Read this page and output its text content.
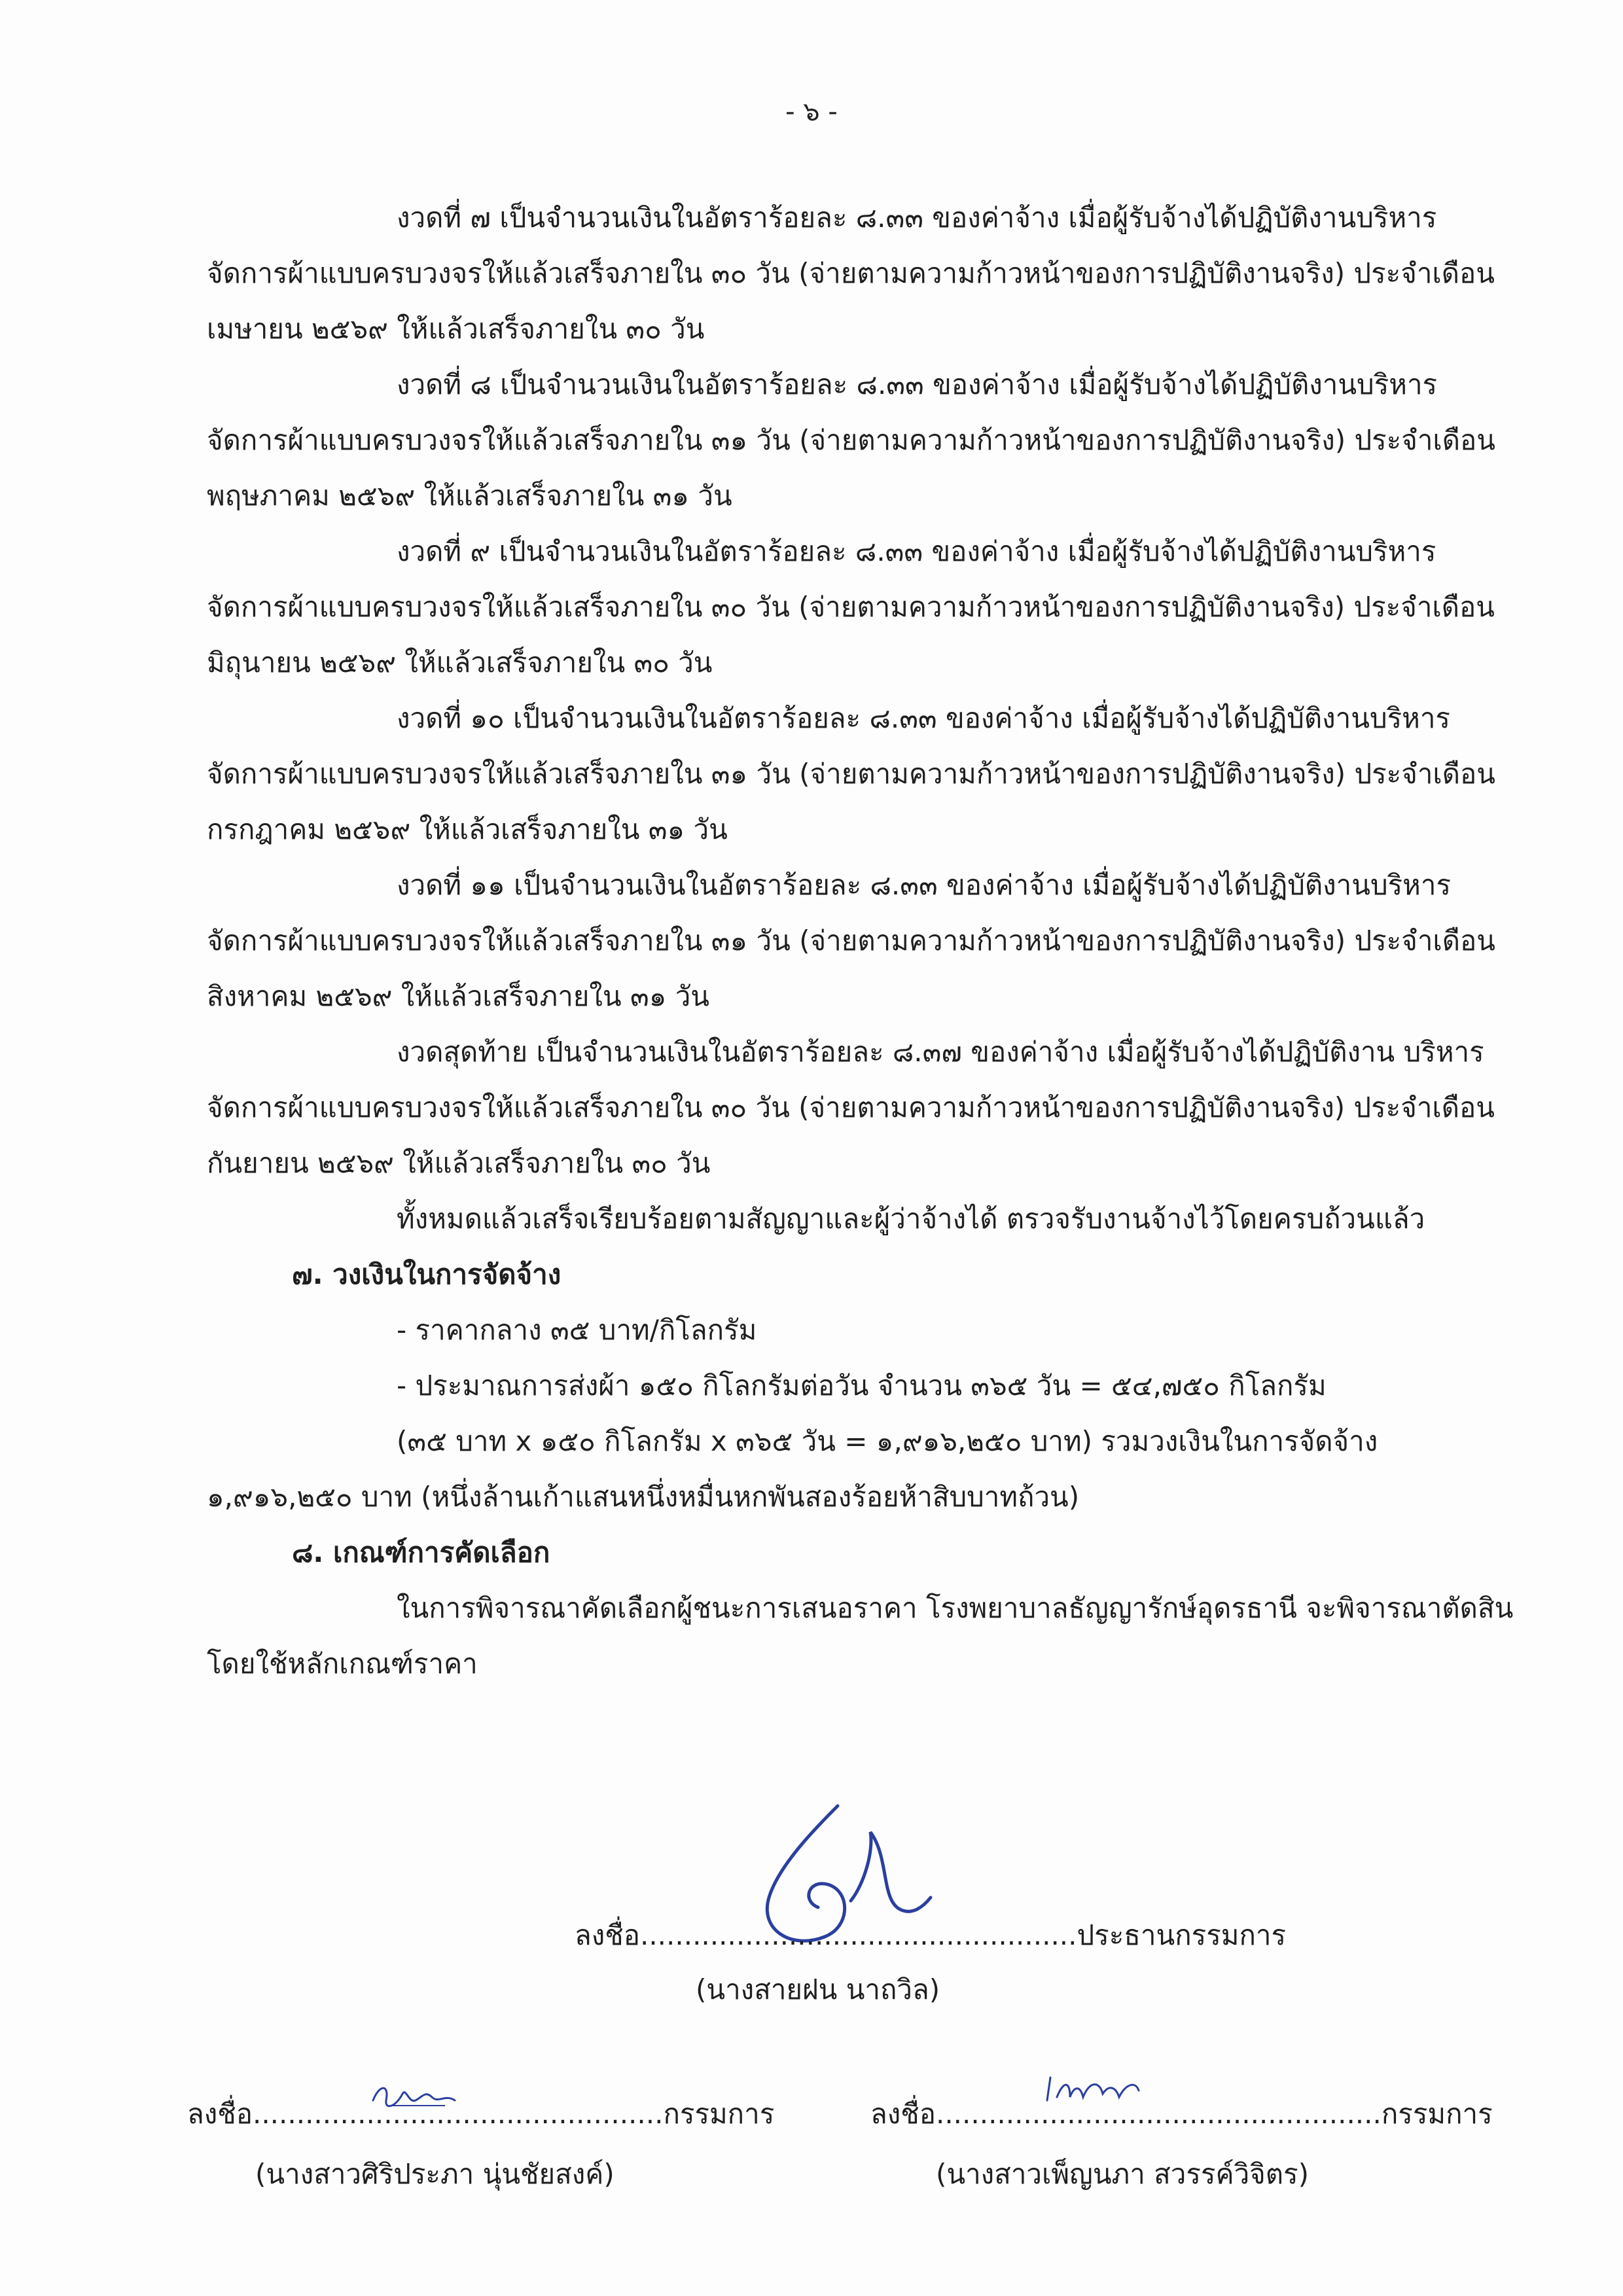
- ๖ -
งวดที่ ๗ เป็นจำนวนเงินในอัตราร้อยละ ๘.๓๓ ของค่าจ้าง เมื่อผู้รับจ้างได้ปฏิบัติงานบริหาร
จัดการผ้าแบบครบวงจรให้แล้วเสร็จภายใน ๓๐ วัน (จ่ายตามความก้าวหน้าของการปฏิบัติงานจริง) ประจำเดือน
เมษายน ๒๕๖๙ ให้แล้วเสร็จภายใน ๓๐ วัน
งวดที่ ๘ เป็นจำนวนเงินในอัตราร้อยละ ๘.๓๓ ของค่าจ้าง เมื่อผู้รับจ้างได้ปฏิบัติงานบริหาร
จัดการผ้าแบบครบวงจรให้แล้วเสร็จภายใน ๓๑ วัน (จ่ายตามความก้าวหน้าของการปฏิบัติงานจริง) ประจำเดือน
พฤษภาคม ๒๕๖๙ ให้แล้วเสร็จภายใน ๓๑ วัน
งวดที่ ๙ เป็นจำนวนเงินในอัตราร้อยละ ๘.๓๓ ของค่าจ้าง เมื่อผู้รับจ้างได้ปฏิบัติงานบริหาร
จัดการผ้าแบบครบวงจรให้แล้วเสร็จภายใน ๓๐ วัน (จ่ายตามความก้าวหน้าของการปฏิบัติงานจริง) ประจำเดือน
มิถุนายน ๒๕๖๙ ให้แล้วเสร็จภายใน ๓๐ วัน
งวดที่ ๑๐ เป็นจำนวนเงินในอัตราร้อยละ ๘.๓๓ ของค่าจ้าง เมื่อผู้รับจ้างได้ปฏิบัติงานบริหาร
จัดการผ้าแบบครบวงจรให้แล้วเสร็จภายใน ๓๑ วัน (จ่ายตามความก้าวหน้าของการปฏิบัติงานจริง) ประจำเดือน
กรกฎาคม ๒๕๖๙ ให้แล้วเสร็จภายใน ๓๑ วัน
งวดที่ ๑๑ เป็นจำนวนเงินในอัตราร้อยละ ๘.๓๓ ของค่าจ้าง เมื่อผู้รับจ้างได้ปฏิบัติงานบริหาร
จัดการผ้าแบบครบวงจรให้แล้วเสร็จภายใน ๓๑ วัน (จ่ายตามความก้าวหน้าของการปฏิบัติงานจริง) ประจำเดือน
สิงหาคม ๒๕๖๙ ให้แล้วเสร็จภายใน ๓๑ วัน
งวดสุดท้าย เป็นจำนวนเงินในอัตราร้อยละ ๘.๓๗ ของค่าจ้าง เมื่อผู้รับจ้างได้ปฏิบัติงาน บริหาร
จัดการผ้าแบบครบวงจรให้แล้วเสร็จภายใน ๓๐ วัน (จ่ายตามความก้าวหน้าของการปฏิบัติงานจริง) ประจำเดือน
กันยายน ๒๕๖๙ ให้แล้วเสร็จภายใน ๓๐ วัน
ทั้งหมดแล้วเสร็จเรียบร้อยตามสัญญาและผู้ว่าจ้างได้ ตรวจรับงานจ้างไว้โดยครบถ้วนแล้ว
๗. วงเงินในการจัดจ้าง
- ราคากลาง ๓๕ บาท/กิโลกรัม
- ประมาณการส่งผ้า ๑๕๐ กิโลกรัมต่อวัน จำนวน ๓๖๕ วัน = ๕๔,๗๕๐ กิโลกรัม
(๓๕ บาท x ๑๕๐ กิโลกรัม x ๓๖๕ วัน = ๑,๙๑๖,๒๕๐ บาท) รวมวงเงินในการจัดจ้าง
๑,๙๑๖,๒๕๐ บาท (หนึ่งล้านเก้าแสนหนึ่งหมื่นหกพันสองร้อยห้าสิบบาทถ้วน)
๘. เกณฑ์การคัดเลือก
ในการพิจารณาคัดเลือกผู้ชนะการเสนอราคา โรงพยาบาลธัญญารักษ์อุดรธานี จะพิจารณาตัดสิน
โดยใช้หลักเกณฑ์ราคา
ลงชื่อ..................................................ประธานกรรมการ
(นางสายฝน นาถวิล)
ลงชื่อ...............................................กรรมการ
(นางสาวศิริประภา นุ่นชัยสงค์)
ลงชื่อ...................................................กรรมการ
(นางสาวเพ็ญนภา สวรรค์วิจิตร)
